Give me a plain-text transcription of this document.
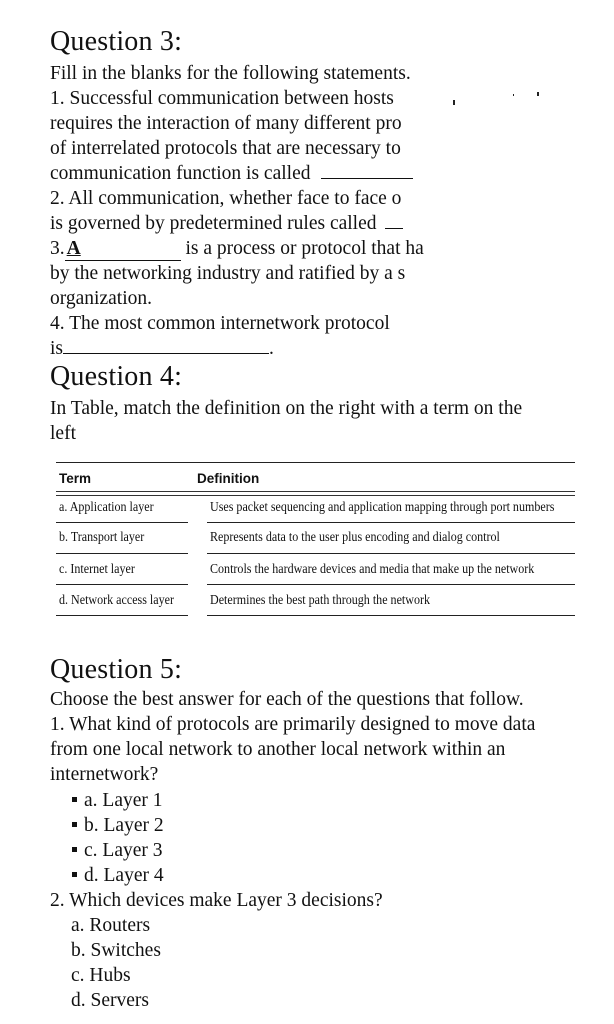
Question 3:
Fill in the blanks for the following statements.
1. Successful communication between hosts
requires the interaction of many different pro
of interrelated protocols that are necessary to
communication function is called
2. All communication, whether face to face o
is governed by predetermined rules called
3. A	is a process or protocol that ha
by the networking industry and ratified by a s
organization.
4. The most common internetwork protocol
is	.
Question 4:
In Table, match the definition on the right with a term on the
left
Term	Definition
a. Application layer	Uses packet sequencing and application mapping through port numbers
b. Transport layer	Represents data to the user plus encoding and dialog control
c. Internet layer	Controls the hardware devices and media that make up the network
d. Network access layer	Determines the best path through the network
Question 5:
Choose the best answer for each of the questions that follow.
1. What kind of protocols are primarily designed to move data
from one local network to another local network within an
internetwork?
a. Layer 1
b. Layer 2
c. Layer 3
d. Layer 4
2. Which devices make Layer 3 decisions?
a. Routers
b. Switches
c. Hubs
d. Servers
